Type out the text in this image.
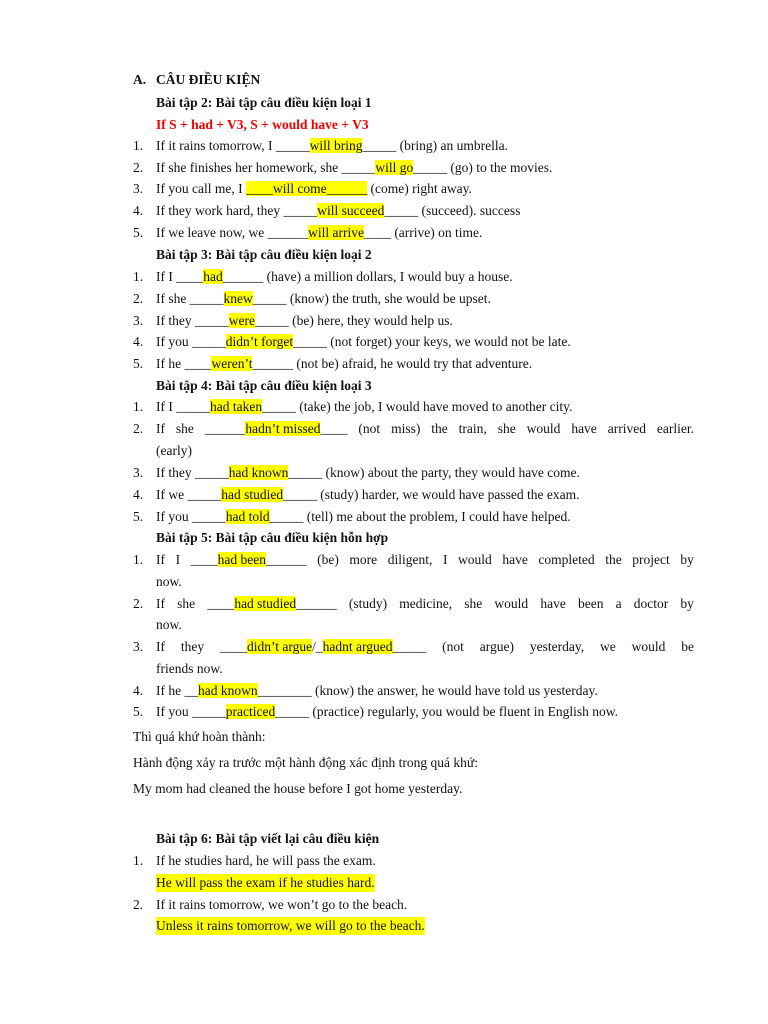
A. CÂU ĐIỀU KIỆN
Bài tập 2: Bài tập câu điều kiện loại 1
If S + had + V3, S + would have + V3
1. If it rains tomorrow, I _____will bring_____ (bring) an umbrella.
2. If she finishes her homework, she _____will go_____ (go) to the movies.
3. If you call me, I ____will come______ (come) right away.
4. If they work hard, they _____will succeed_____ (succeed). success
5. If we leave now, we ______will arrive____ (arrive) on time.
Bài tập 3: Bài tập câu điều kiện loại 2
1. If I ____had______ (have) a million dollars, I would buy a house.
2. If she _____knew_____ (know) the truth, she would be upset.
3. If they _____were_____ (be) here, they would help us.
4. If you _____didn’t forget_____ (not forget) your keys, we would not be late.
5. If he ____weren’t______ (not be) afraid, he would try that adventure.
Bài tập 4: Bài tập câu điều kiện loại 3
1. If I _____had taken_____ (take) the job, I would have moved to another city.
2. If she ______hadn’t missed____ (not miss) the train, she would have arrived earlier.
(early)
3. If they _____had known_____ (know) about the party, they would have come.
4. If we _____had studied_____ (study) harder, we would have passed the exam.
5. If you _____had told_____ (tell) me about the problem, I could have helped.
Bài tập 5: Bài tập câu điều kiện hỗn hợp
1. If I ____had been______ (be) more diligent, I would have completed the project by
now.
2. If she ____had studied______ (study) medicine, she would have been a doctor by
now.
3. If they ____didn’t argue/_hadnt argued_____ (not argue) yesterday, we would be
friends now.
4. If he __had known________ (know) the answer, he would have told us yesterday.
5. If you _____practiced_____ (practice) regularly, you would be fluent in English now.
Thì quá khứ hoàn thành:
Hành động xảy ra trước một hành động xác định trong quá khứ:
My mom had cleaned the house before I got home yesterday.
Bài tập 6: Bài tập viết lại câu điều kiện
1. If he studies hard, he will pass the exam.
He will pass the exam if he studies hard.
2. If it rains tomorrow, we won’t go to the beach.
Unless it rains tomorrow, we will go to the beach.
